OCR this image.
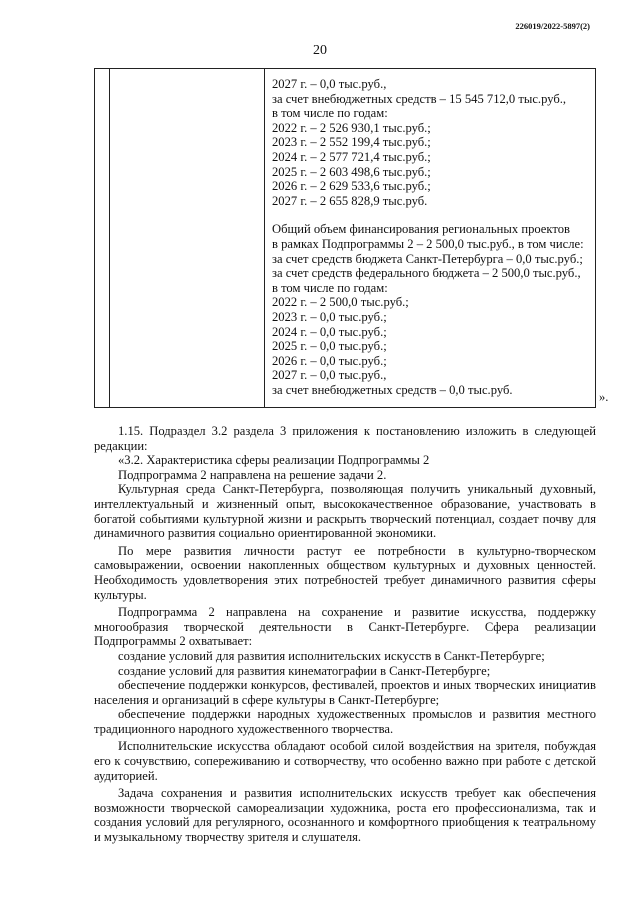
226019/2022-5897(2)
20
2027 г. – 0,0 тыс.руб.,
за счет внебюджетных средств – 15 545 712,0 тыс.руб.,
в том числе по годам:
2022 г. – 2 526 930,1 тыс.руб.;
2023 г. – 2 552 199,4 тыс.руб.;
2024 г. – 2 577 721,4 тыс.руб.;
2025 г. – 2 603 498,6 тыс.руб.;
2026 г. – 2 629 533,6 тыс.руб.;
2027 г. – 2 655 828,9 тыс.руб.
Общий объем финансирования региональных проектов
в рамках Подпрограммы 2 – 2 500,0 тыс.руб., в том числе:
за счет средств бюджета Санкт-Петербурга – 0,0 тыс.руб.;
за счет средств федерального бюджета – 2 500,0 тыс.руб.,
в том числе по годам:
2022 г. – 2 500,0 тыс.руб.;
2023 г. – 0,0 тыс.руб.;
2024 г. – 0,0 тыс.руб.;
2025 г. – 0,0 тыс.руб.;
2026 г. – 0,0 тыс.руб.;
2027 г. – 0,0 тыс.руб.,
за счет внебюджетных средств – 0,0 тыс.руб.
».

1.15. Подраздел 3.2 раздела 3 приложения к постановлению изложить в следующей редакции:

«3.2. Характеристика сферы реализации Подпрограммы 2

Подпрограмма 2 направлена на решение задачи 2.

Культурная среда Санкт-Петербурга, позволяющая получить уникальный духовный, интеллектуальный и жизненный опыт, высококачественное образование, участвовать в богатой событиями культурной жизни и раскрыть творческий потенциал, создает почву для динамичного развития социально ориентированной экономики.

По мере развития личности растут ее потребности в культурно-творческом самовыражении, освоении накопленных обществом культурных и духовных ценностей. Необходимость удовлетворения этих потребностей требует динамичного развития сферы культуры.

Подпрограмма 2 направлена на сохранение и развитие искусства, поддержку многообразия творческой деятельности в Санкт-Петербурге. Сфера реализации Подпрограммы 2 охватывает:

создание условий для развития исполнительских искусств в Санкт-Петербурге;

создание условий для развития кинематографии в Санкт-Петербурге;

обеспечение поддержки конкурсов, фестивалей, проектов и иных творческих инициатив населения и организаций в сфере культуры в Санкт-Петербурге;

обеспечение поддержки народных художественных промыслов и развития местного традиционного народного художественного творчества.

Исполнительские искусства обладают особой силой воздействия на зрителя, побуждая его к сочувствию, сопереживанию и сотворчеству, что особенно важно при работе с детской аудиторией.

Задача сохранения и развития исполнительских искусств требует как обеспечения возможности творческой самореализации художника, роста его профессионализма, так и создания условий для регулярного, осознанного и комфортного приобщения к театральному и музыкальному творчеству зрителя и слушателя.
